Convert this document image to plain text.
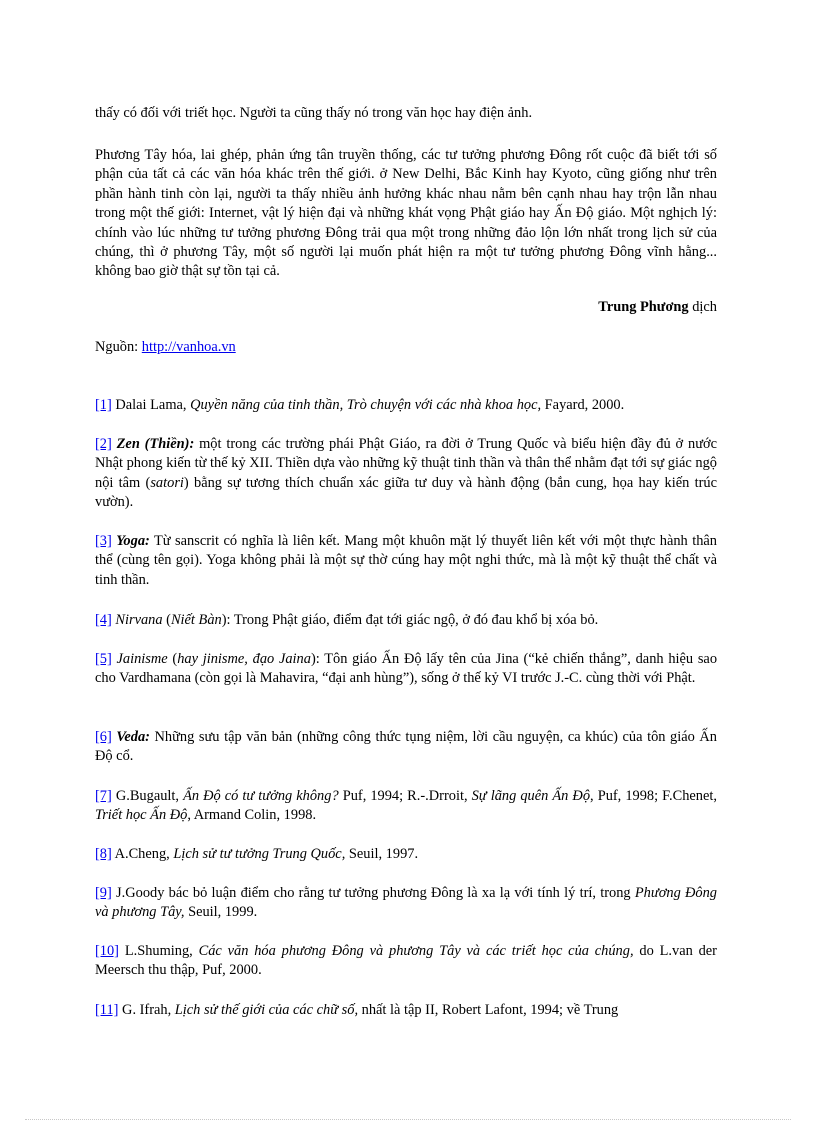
thấy có đối với triết học. Người ta cũng thấy nó trong văn học hay điện ảnh.

Phương Tây hóa, lai ghép, phản ứng tân truyền thống, các tư tưởng phương Đông rốt cuộc đã biết tới số phận của tất cả các văn hóa khác trên thế giới. ở New Delhi, Bắc Kinh hay Kyoto, cũng giống như trên phần hành tinh còn lại, người ta thấy nhiều ảnh hưởng khác nhau nằm bên cạnh nhau hay trộn lẫn nhau trong một thế giới: Internet, vật lý hiện đại và những khát vọng Phật giáo hay Ấn Độ giáo. Một nghịch lý: chính vào lúc những tư tưởng phương Đông trải qua một trong những đảo lộn lớn nhất trong lịch sử của chúng, thì ở phương Tây, một số người lại muốn phát hiện ra một tư tưởng phương Đông vĩnh hằng... không bao giờ thật sự tồn tại cả.

Trung Phương dịch

Nguồn: http://vanhoa.vn

[1] Dalai Lama, Quyền năng của tinh thần, Trò chuyện với các nhà khoa học, Fayard, 2000.

[2] Zen (Thiền): một trong các trường phái Phật Giáo, ra đời ở Trung Quốc và biểu hiện đầy đủ ở nước Nhật phong kiến từ thế kỷ XII. Thiền dựa vào những kỹ thuật tinh thần và thân thể nhằm đạt tới sự giác ngộ nội tâm (satori) bằng sự tương thích chuẩn xác giữa tư duy và hành động (bắn cung, họa hay kiến trúc vườn).

[3] Yoga: Từ sanscrit có nghĩa là liên kết. Mang một khuôn mặt lý thuyết liên kết với một thực hành thân thể (cùng tên gọi). Yoga không phải là một sự thờ cúng hay một nghi thức, mà là một kỹ thuật thể chất và tinh thần.

[4] Nirvana (Niết Bàn): Trong Phật giáo, điểm đạt tới giác ngộ, ở đó đau khổ bị xóa bỏ.

[5] Jainisme (hay jinisme, đạo Jaina): Tôn giáo Ấn Độ lấy tên của Jina (“kẻ chiến thắng”, danh hiệu sao cho Vardhamana (còn gọi là Mahavira, “đại anh hùng”), sống ở thế kỷ VI trước J.-C. cùng thời với Phật.

[6] Veda: Những sưu tập văn bản (những công thức tụng niệm, lời cầu nguyện, ca khúc) của tôn giáo Ấn Độ cổ.

[7] G.Bugault, Ấn Độ có tư tưởng không? Puf, 1994; R.-.Drroit, Sự lãng quên Ấn Độ, Puf, 1998; F.Chenet, Triết học Ấn Độ, Armand Colin, 1998.

[8] A.Cheng, Lịch sử tư tưởng Trung Quốc, Seuil, 1997.

[9] J.Goody bác bỏ luận điểm cho rằng tư tưởng phương Đông là xa lạ với tính lý trí, trong Phương Đông và phương Tây, Seuil, 1999.

[10] L.Shuming, Các văn hóa phương Đông và phương Tây và các triết học của chúng, do L.van der Meersch thu thập, Puf, 2000.

[11] G. Ifrah, Lịch sử thế giới của các chữ số, nhất là tập II, Robert Lafont, 1994; về Trung
